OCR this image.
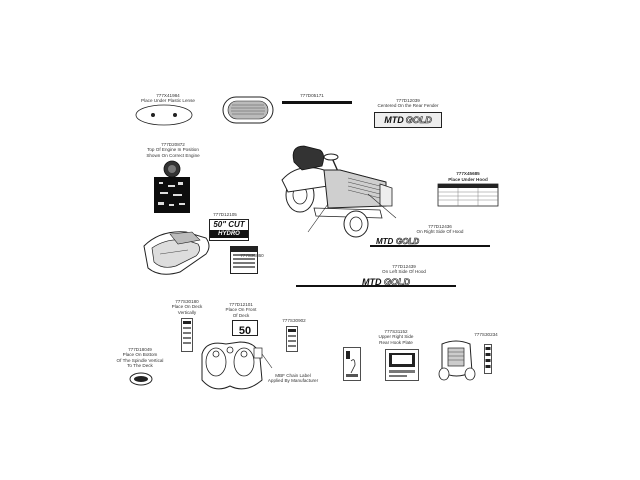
777X41984
Place Under Plastic Lense
777D05171
777D12039
Centered On the Rear Fender
MTD GOLD
777D20872
Top Of Engine In Position
Shown On Correct Engine
777X45685
Place Under Hood
777D12436
On Right Side Of Hood
MTD GOLD
777D12439
On Left Side Of Hood
MTD GOLD
777D12105
50" CUT
HYDRO
777S30860
777S30180
Place On Deck
Vertically
777D12101
Place On Front
Of Deck
50
777S30902
MBF Chain Label
Applied By Manufacturer
777D18049
Place On Bottom
Of The Spindle Vertical
To The Deck
777S31152
Upper Right Side
Rear Hook Plate
777S30234
